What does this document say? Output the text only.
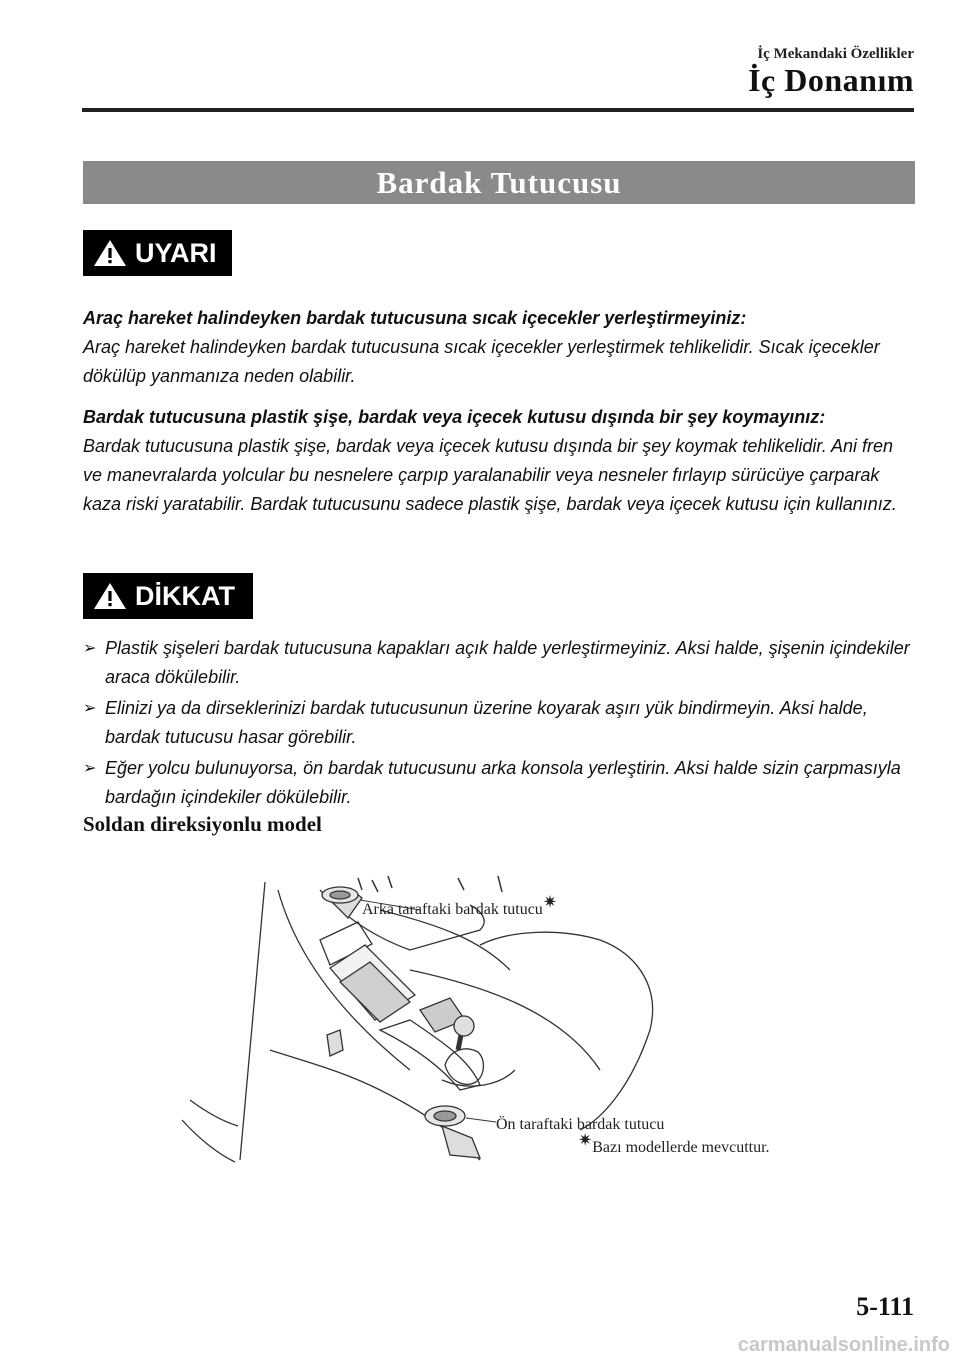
İç Mekandaki Özellikler
İç Donanım
Bardak Tutucusu
UYARI
Araç hareket halindeyken bardak tutucusuna sıcak içecekler yerleştirmeyiniz:
Araç hareket halindeyken bardak tutucusuna sıcak içecekler yerleştirmek tehlikelidir. Sıcak içecekler dökülüp yanmanıza neden olabilir.
Bardak tutucusuna plastik şişe, bardak veya içecek kutusu dışında bir şey koymayınız:
Bardak tutucusuna plastik şişe, bardak veya içecek kutusu dışında bir şey koymak tehlikelidir. Ani fren ve manevralarda yolcular bu nesnelere çarpıp yaralanabilir veya nesneler fırlayıp sürücüye çarparak kaza riski yaratabilir. Bardak tutucusunu sadece plastik şişe, bardak veya içecek kutusu için kullanınız.
DİKKAT
➢ Plastik şişeleri bardak tutucusuna kapakları açık halde yerleştirmeyiniz. Aksi halde, şişenin içindekiler araca dökülebilir.
➢ Elinizi ya da dirseklerinizi bardak tutucusunun üzerine koyarak aşırı yük bindirmeyin. Aksi halde, bardak tutucusu hasar görebilir.
➢ Eğer yolcu bulunuyorsa, ön bardak tutucusunu arka konsola yerleştirin. Aksi halde sizin çarpmasıyla bardağın içindekiler dökülebilir.
Soldan direksiyonlu model
Arka taraftaki bardak tutucu✷
Ön taraftaki bardak tutucu
✷Bazı modellerde mevcuttur.
5-111
carmanualsonline.info
